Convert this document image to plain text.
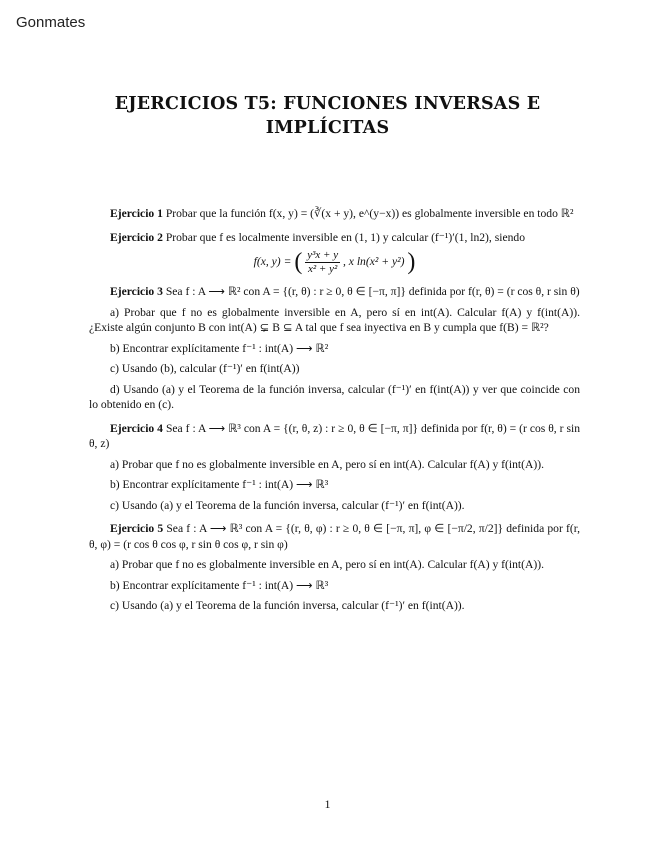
Gonmates
EJERCICIOS T5: FUNCIONES INVERSAS E
IMPLÍCITAS

Ejercicio 1 Probar que la función f(x, y) = (∛(x + y), e^(y−x)) es globalmente inversible en todo ℝ²

Ejercicio 2 Probar que f es localmente inversible en (1, 1) y calcular (f⁻¹)′(1, ln2), siendo

f(x, y) = ( $\frac{\text{y³x + y}}{\text{x² + y²}}$ , x ln(x² + y²) )

Ejercicio 3 Sea f : A ⟶ ℝ² con A = {(r, θ) : r ≥ 0, θ ∈ [−π, π]} definida por f(r, θ) = (r cos θ, r sin θ)

a) Probar que f no es globalmente inversible en A, pero sí en int(A). Calcular f(A) y f(int(A)). ¿Existe algún conjunto B con int(A) ⊊ B ⊆ A tal que f sea inyectiva en B y cumpla que f(B) = ℝ²?

b) Encontrar explícitamente f⁻¹ : int(A) ⟶ ℝ²

c) Usando (b), calcular (f⁻¹)′ en f(int(A))

d) Usando (a) y el Teorema de la función inversa, calcular (f⁻¹)′ en f(int(A)) y ver que coincide con lo obtenido en (c).

Ejercicio 4 Sea f : A ⟶ ℝ³ con A = {(r, θ, z) : r ≥ 0, θ ∈ [−π, π]} definida por f(r, θ) = (r cos θ, r sin θ, z)

a) Probar que f no es globalmente inversible en A, pero sí en int(A). Calcular f(A) y f(int(A)).

b) Encontrar explícitamente f⁻¹ : int(A) ⟶ ℝ³

c) Usando (a) y el Teorema de la función inversa, calcular (f⁻¹)′ en f(int(A)).

Ejercicio 5 Sea f : A ⟶ ℝ³ con A = {(r, θ, φ) : r ≥ 0, θ ∈ [−π, π], φ ∈ [−π/2, π/2]} definida por f(r, θ, φ) = (r cos θ cos φ, r sin θ cos φ, r sin φ)

a) Probar que f no es globalmente inversible en A, pero sí en int(A). Calcular f(A) y f(int(A)).

b) Encontrar explícitamente f⁻¹ : int(A) ⟶ ℝ³

c) Usando (a) y el Teorema de la función inversa, calcular (f⁻¹)′ en f(int(A)).

1
